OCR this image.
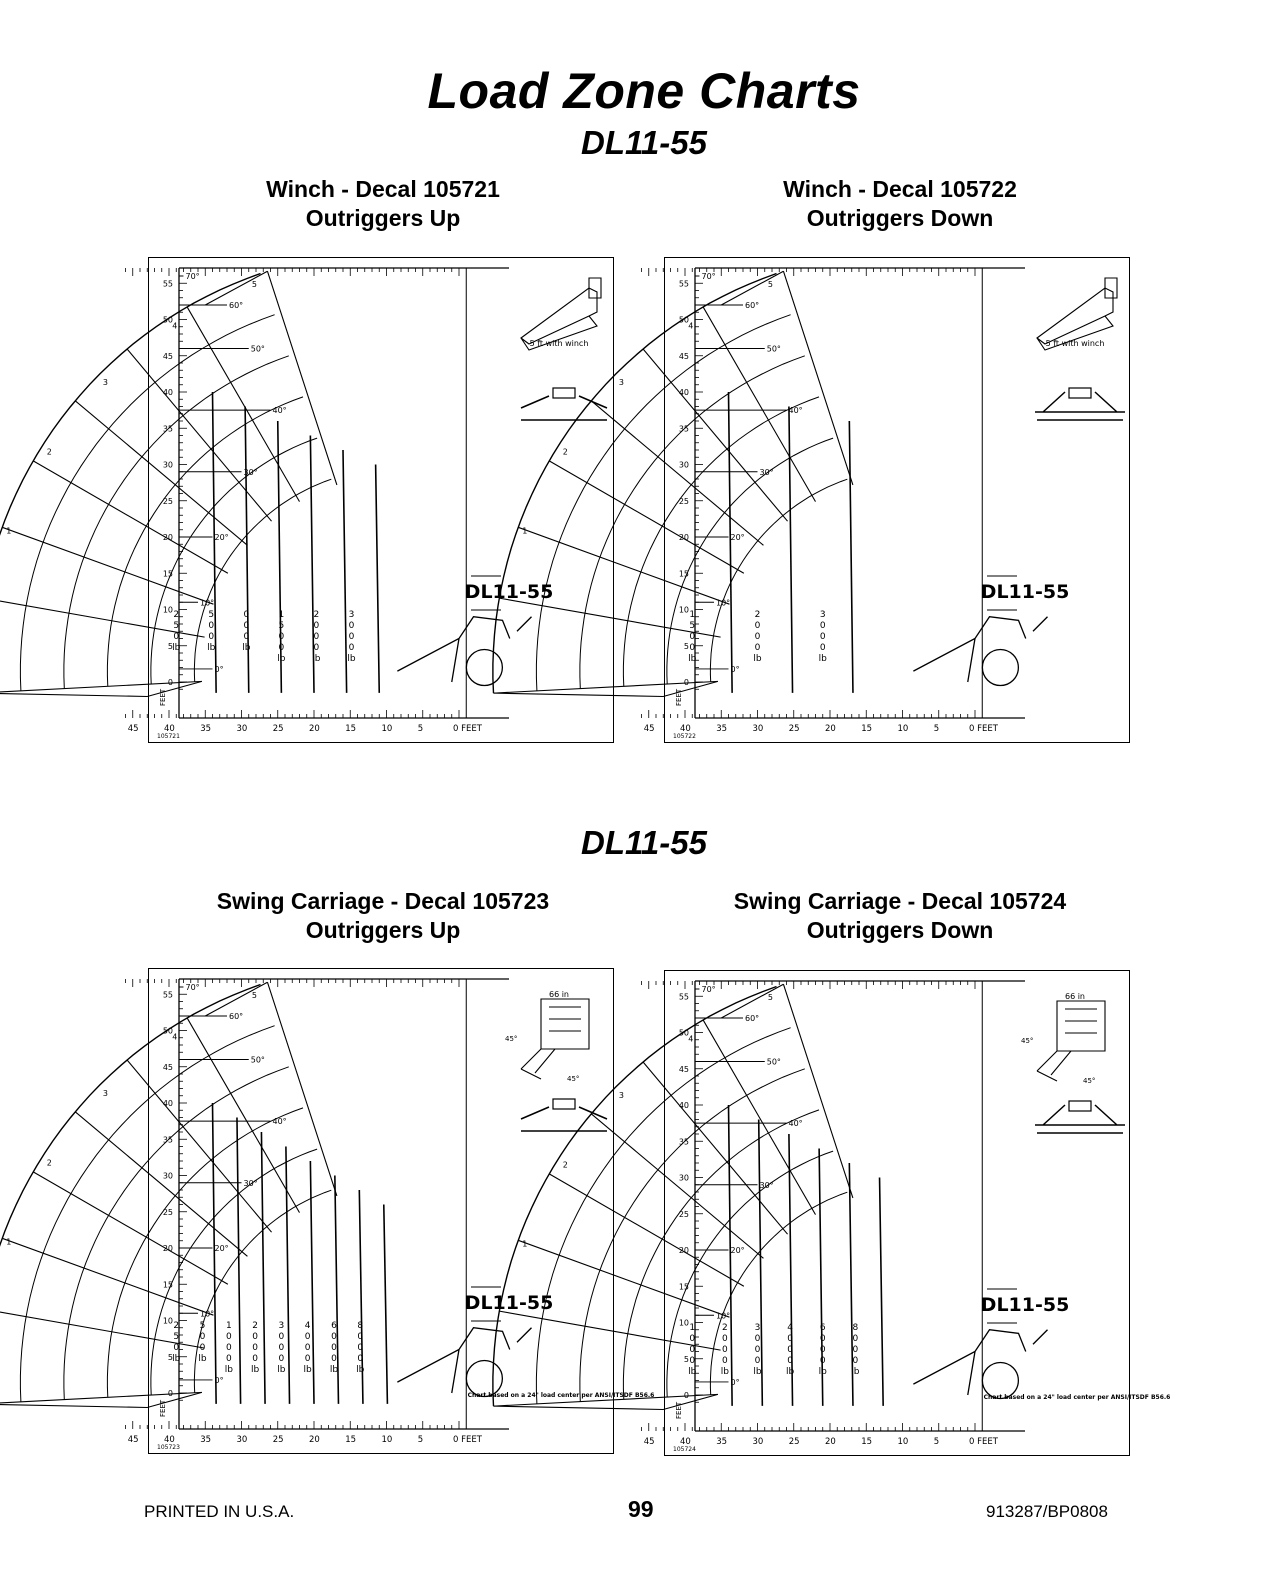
Load Zone Charts
DL11-55
Winch - Decal 105721
Outriggers Up
Winch - Decal 105722
Outriggers Down
55
50
45
40
35
30
25
20
15
10
5
0
FEET
45	40	35	30	25	20	15	10	5	0 FEET
105721
2
5
0
lb
5
0
0
lb
0
0
0
lb
1
5
0
0
lb
2
0
0
0
lb
3
0
0
0
lb
70°
60°
50°
40°
30°
20°
10°
0°
5
4
3
2
1
DL11-55
5 ft with winch
55
50
45
40
35
30
25
20
15
10
5
0
FEET
45	40	35	30	25	20	15	10	5	0 FEET
105722
1
5
0
0
lb
2
0
0
0
lb
3
0
0
0
lb
70°
60°
50°
40°
30°
20°
10°
0°
5
4
3
2
1
DL11-55
5 ft with winch
DL11-55
Swing Carriage - Decal 105723
Outriggers Up
Swing Carriage - Decal 105724
Outriggers Down
55
50
45
40
35
30
25
20
15
10
5
0
FEET
45	40	35	30	25	20	15	10	5	0 FEET
105723
2
5
0
lb
5
0
0
lb
1
0
0
0
lb
2
0
0
0
lb
3
0
0
0
lb
4
0
0
0
lb
6
0
0
0
lb
8
0
0
0
lb
70°
60°
50°
40°
30°
20°
10°
0°
5
4
3
2
1
DL11-55
45°
45°
66 in
Chart based on a 24" load center per ANSI/ITSDF B56.6
55
50
45
40
35
30
25
20
15
10
5
0
FEET
45	40	35	30	25	20	15	10	5	0 FEET
105724
1
0
0
0
lb
2
0
0
0
lb
3
0
0
0
lb
4
0
0
0
lb
6
0
0
0
lb
8
0
0
0
lb
70°
60°
50°
40°
30°
20°
10°
0°
5
4
3
2
1
DL11-55
45°
45°
66 in
Chart based on a 24" load center per ANSI/ITSDF B56.6
PRINTED IN U.S.A.	99	913287/BP0808
